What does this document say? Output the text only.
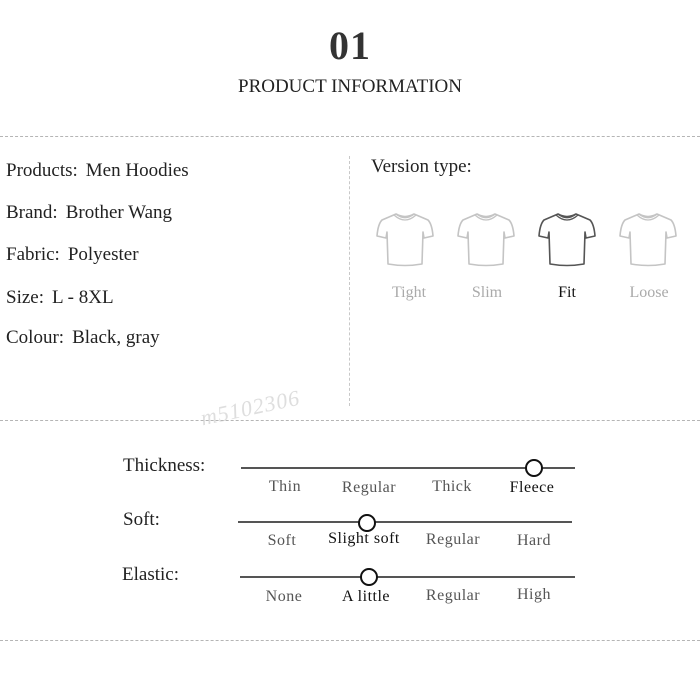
01
PRODUCT INFORMATION
Products: Men Hoodies
Brand: Brother Wang
Fabric: Polyester
Size: L - 8XL
Colour: Black, gray
Version type:
Tight	Slim	Fit	Loose
m5102306
Thickness:
Thin	Regular	Thick	Fleece
Soft:
Soft	Slight soft	Regular	Hard
Elastic:
None	A little	Regular	High
